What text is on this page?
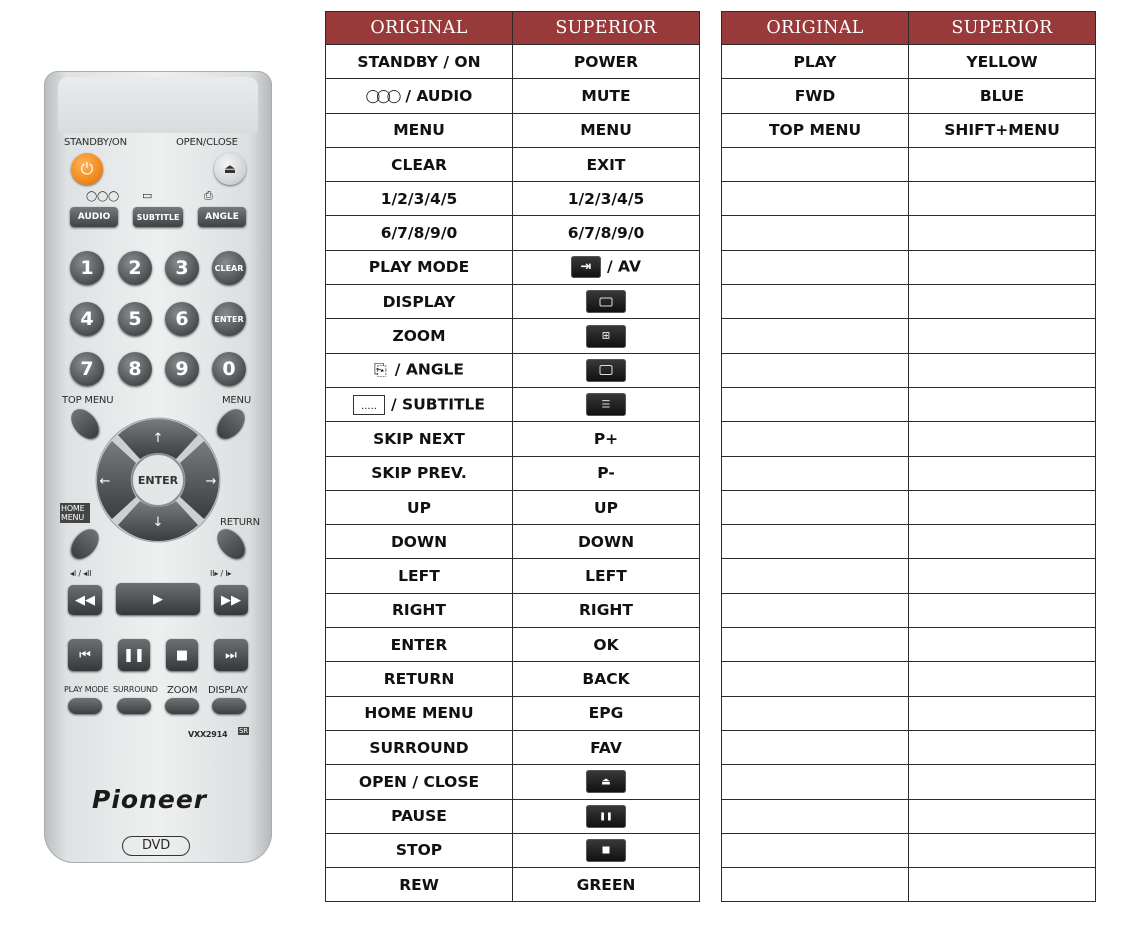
STANDBY/ON	OPEN/CLOSE
⏻	⏏
◯◯◯ ▭	⎙
AUDIO	SUBTITLE	ANGLE
1	2	3	CLEAR
4	5	6	ENTER
7	8	9	0
TOP MENU	MENU
↑
↓
←	→
ENTER
HOME MENU	RETURN
◂I / ◂II	II▸ / I▸
◀◀	▶	▶▶
⏮ ❚❚ ■	⏭
PLAY MODE SURROUND ZOOM DISPLAY
VXX2914 SR
Pioneer
DVD
ORIGINAL	SUPERIOR
STANDBY / ON	POWER
◯◯◯ / AUDIO	MUTE
MENU	MENU
CLEAR	EXIT
1/2/3/4/5	1/2/3/4/5
6/7/8/9/0	6/7/8/9/0
PLAY MODE	⇥ / AV
DISPLAY	

ZOOM	⊞

⎘ / ANGLE	

..... / SUBTITLE	☰

SKIP NEXT	P+
SKIP PREV.	P-
UP	UP
DOWN	DOWN
LEFT	LEFT
RIGHT	RIGHT
ENTER	OK
RETURN	BACK
HOME MENU	EPG
SURROUND	FAV
OPEN / CLOSE	⏏

PAUSE	❚❚

STOP	

REW	GREEN
ORIGINAL	SUPERIOR
PLAY	YELLOW
FWD	BLUE
TOP MENU	SHIFT+MENU
